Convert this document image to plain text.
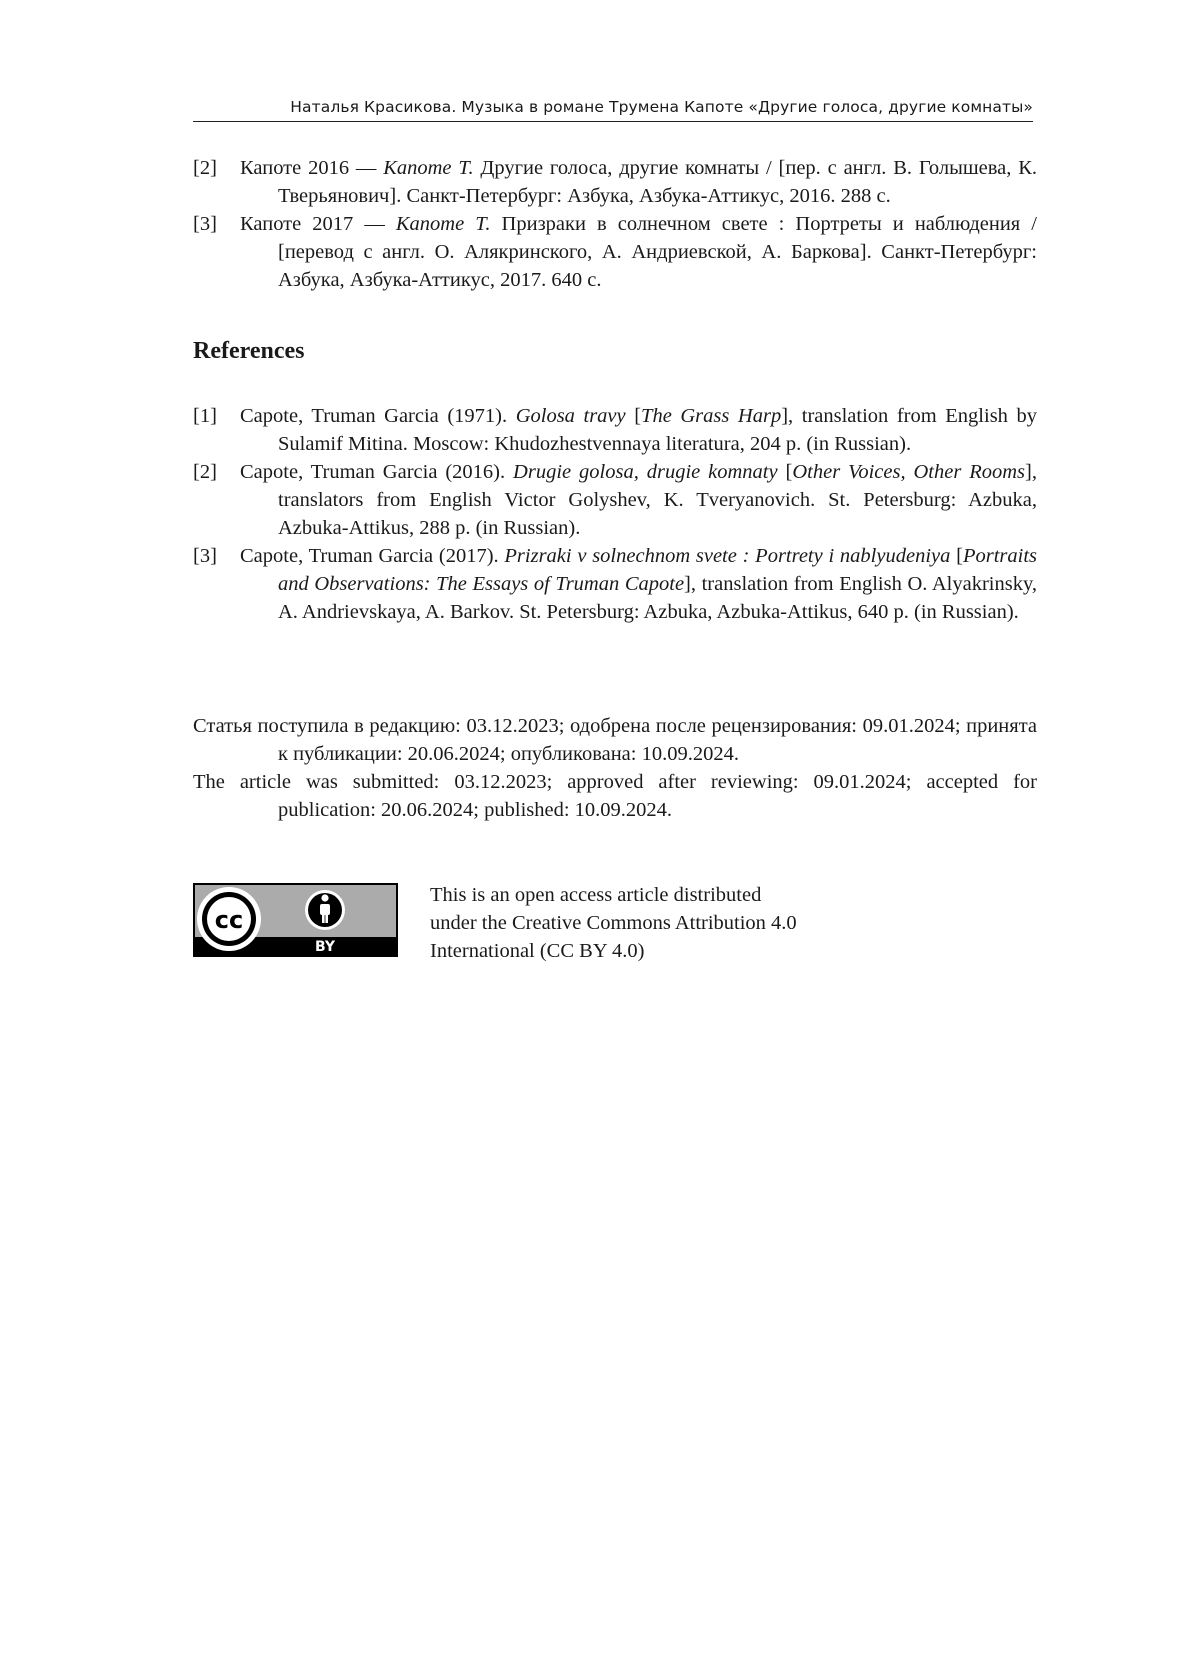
Наталья Красикова. Музыка в романе Трумена Капоте «Другие голоса, другие комнаты»
[2] Капоте 2016 — Капоте Т. Другие голоса, другие комнаты / [пер. с англ. В. Голышева, К. Тверьянович]. Санкт-Петербург: Азбука, Азбука-Аттикус, 2016. 288 с.
[3] Капоте 2017 — Капоте Т. Призраки в солнечном свете : Портреты и наблюдения / [перевод с англ. О. Алякринского, А. Андриевской, А. Баркова]. Санкт-Петербург: Азбука, Азбука-Аттикус, 2017. 640 с.
References
[1] Capote, Truman Garcia (1971). Golosa travy [The Grass Harp], translation from English by Sulamif Mitina. Moscow: Khudozhestvennaya literatura, 204 p. (in Russian).
[2] Capote, Truman Garcia (2016). Drugie golosa, drugie komnaty [Other Voices, Other Rooms], translators from English Victor Golyshev, K. Tveryanovich. St. Petersburg: Azbuka, Azbuka-Attikus, 288 p. (in Russian).
[3] Capote, Truman Garcia (2017). Prizraki v solnechnom svete : Portrety i nablyudeniya [Portraits and Observations: The Essays of Truman Capote], translation from English O. Alyakrinsky, A. Andrievskaya, A. Barkov. St. Petersburg: Azbuka, Azbuka-Attikus, 640 p. (in Russian).
Статья поступила в редакцию: 03.12.2023; одобрена после рецензирования: 09.01.2024; принята к публикации: 20.06.2024; опубликована: 10.09.2024.
The article was submitted: 03.12.2023; approved after reviewing: 09.01.2024; accepted for publication: 20.06.2024; published: 10.09.2024.
cc
BY
This is an open access article distributed
under the Creative Commons Attribution 4.0
International (CC BY 4.0)
